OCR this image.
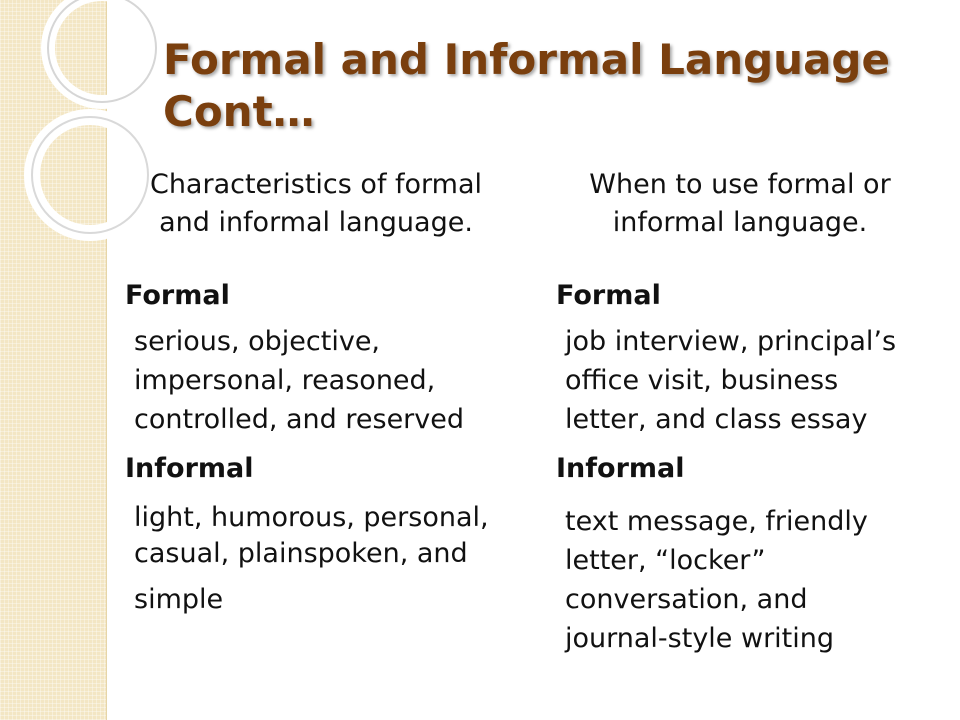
Formal and Informal Language
Cont…
Characteristics of formal
and informal language.
Formal
serious, objective,
impersonal, reasoned,
controlled, and reserved
Informal
light, humorous, personal,
casual, plainspoken, and
simple
When to use formal or
informal language.
Formal
job interview, principal’s
office visit, business
letter, and class essay
Informal
text message, friendly
letter, “locker”
conversation, and
journal-style writing
